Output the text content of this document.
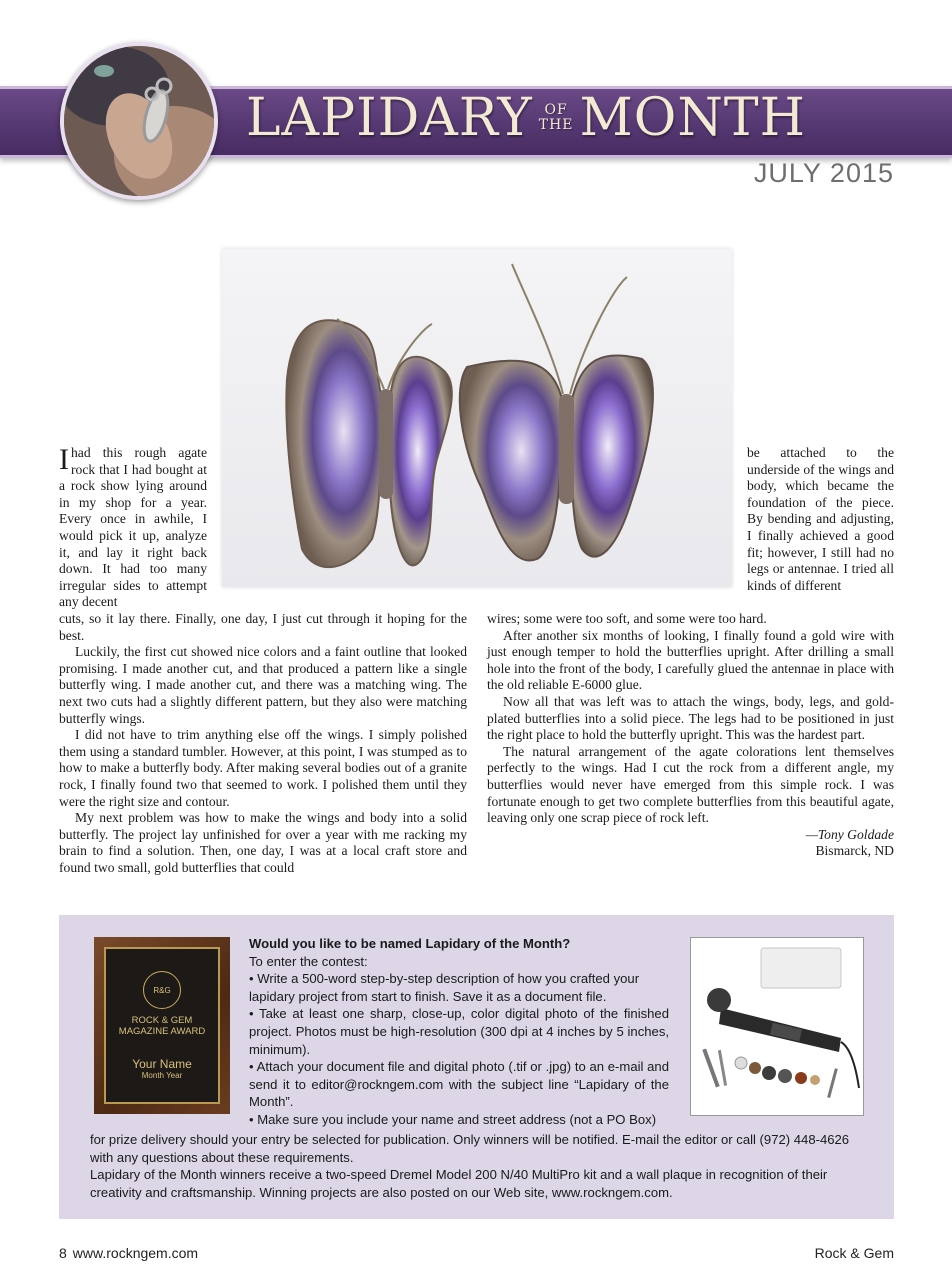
LAPIDARY OF
THE MONTH
JULY 2015

Ihad this rough agate rock that I had bought at a rock show lying around in my shop for a year. Every once in awhile, I would pick it up, analyze it, and lay it right back down. It had too many irregular sides to attempt any decent

be attached to the underside of the wings and body, which became the foundation of the piece. By bending and adjusting, I finally achieved a good fit; however, I still had no legs or antennae. I tried all kinds of different

cuts, so it lay there. Finally, one day, I just cut through it hoping for the best.

Luckily, the first cut showed nice colors and a faint outline that looked promising. I made another cut, and that produced a pattern like a single butterfly wing. I made another cut, and there was a matching wing. The next two cuts had a slightly different pattern, but they also were matching butterfly wings.

I did not have to trim anything else off the wings. I simply polished them using a standard tumbler. However, at this point, I was stumped as to how to make a butterfly body. After making several bodies out of a granite rock, I finally found two that seemed to work. I polished them until they were the right size and contour.

My next problem was how to make the wings and body into a solid butterfly. The project lay unfinished for over a year with me racking my brain to find a solution. Then, one day, I was at a local craft store and found two small, gold butterflies that could

wires; some were too soft, and some were too hard.

After another six months of looking, I finally found a gold wire with just enough temper to hold the butterflies upright. After drilling a small hole into the front of the body, I carefully glued the antennae in place with the old reliable E-6000 glue.

Now all that was left was to attach the wings, body, legs, and gold-plated butterflies into a solid piece. The legs had to be positioned in just the right place to hold the butterfly upright. This was the hardest part.

The natural arrangement of the agate colorations lent themselves perfectly to the wings. Had I cut the rock from a different angle, my butterflies would never have emerged from this simple rock. I was fortunate enough to get two complete butterflies from this beautiful agate, leaving only one scrap piece of rock left.

—Tony Goldade
Bismarck, ND
R&G
ROCK & GEM
MAGAZINE AWARD
Your Name
Month Year

Would you like to be named Lapidary of the Month?

To enter the contest:

• Write a 500-word step-by-step description of how you crafted your lapidary project from start to finish. Save it as a document file.

• Take at least one sharp, close-up, color digital photo of the finished project. Photos must be high-resolution (300 dpi at 4 inches by 5 inches, minimum).

• Attach your document file and digital photo (.tif or .jpg) to an e-mail and send it to editor@rockngem.com with the subject line “Lapidary of the Month”.

• Make sure you include your name and street address (not a PO Box)

for prize delivery should your entry be selected for publication. Only winners will be notified. E-mail the editor or call (972) 448-4626 with any questions about these requirements.

Lapidary of the Month winners receive a two-speed Dremel Model 200 N/40 MultiPro kit and a wall plaque in recognition of their creativity and craftsmanship. Winning projects are also posted on our Web site, www.rockngem.com.

8 www.rockngem.com	Rock & Gem
